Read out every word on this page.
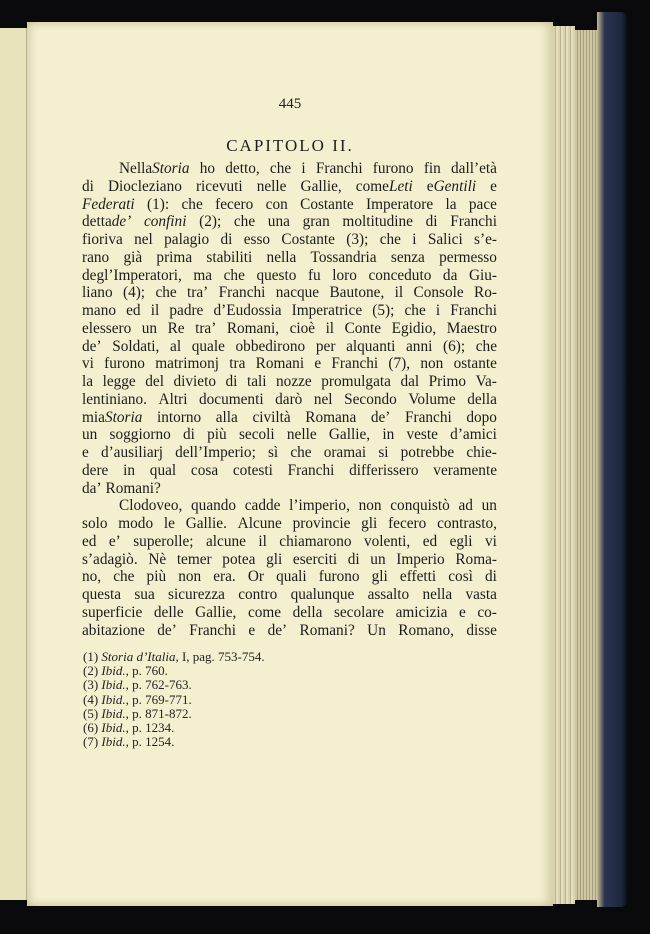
445
CAPITOLO II.
NellaStoria ho detto, che i Franchi furono fin dall’età
di Diocleziano ricevuti nelle Gallie, comeLeti eGentili e
Federati (1): che fecero con Costante Imperatore la pace
dettade’ confini (2); che una gran moltitudine di Franchi
fioriva nel palagio di esso Costante (3); che i Salici s’e-
rano già prima stabiliti nella Tossandria senza permesso
degl’Imperatori, ma che questo fu loro conceduto da Giu-
liano (4); che tra’ Franchi nacque Bautone, il Console Ro-
mano ed il padre d’Eudossia Imperatrice (5); che i Franchi
elessero un Re tra’ Romani, cioè il Conte Egidio, Maestro
de’ Soldati, al quale obbedirono per alquanti anni (6); che
vi furono matrimonj tra Romani e Franchi (7), non ostante
la legge del divieto di tali nozze promulgata dal Primo Va-
lentiniano. Altri documenti darò nel Secondo Volume della
miaStoria intorno alla civiltà Romana de’ Franchi dopo
un soggiorno di più secoli nelle Gallie, in veste d’amici
e d’ausiliarj dell’Imperio; sì che oramai si potrebbe chie-
dere in qual cosa cotesti Franchi differissero veramente
da’ Romani?
Clodoveo, quando cadde l’imperio, non conquistò ad un
solo modo le Gallie. Alcune provincie gli fecero contrasto,
ed e’ superolle; alcune il chiamarono volenti, ed egli vi
s’adagiò. Nè temer potea gli eserciti di un Imperio Roma-
no, che più non era. Or quali furono gli effetti così di
questa sua sicurezza contro qualunque assalto nella vasta
superficie delle Gallie, come della secolare amicizia e co-
abitazione de’ Franchi e de’ Romani? Un Romano, disse
(1) Storia d’Italia, I, pag. 753-754.
(2) Ibid., p. 760.
(3) Ibid., p. 762-763.
(4) Ibid., p. 769-771.
(5) Ibid., p. 871-872.
(6) Ibid., p. 1234.
(7) Ibid., p. 1254.
